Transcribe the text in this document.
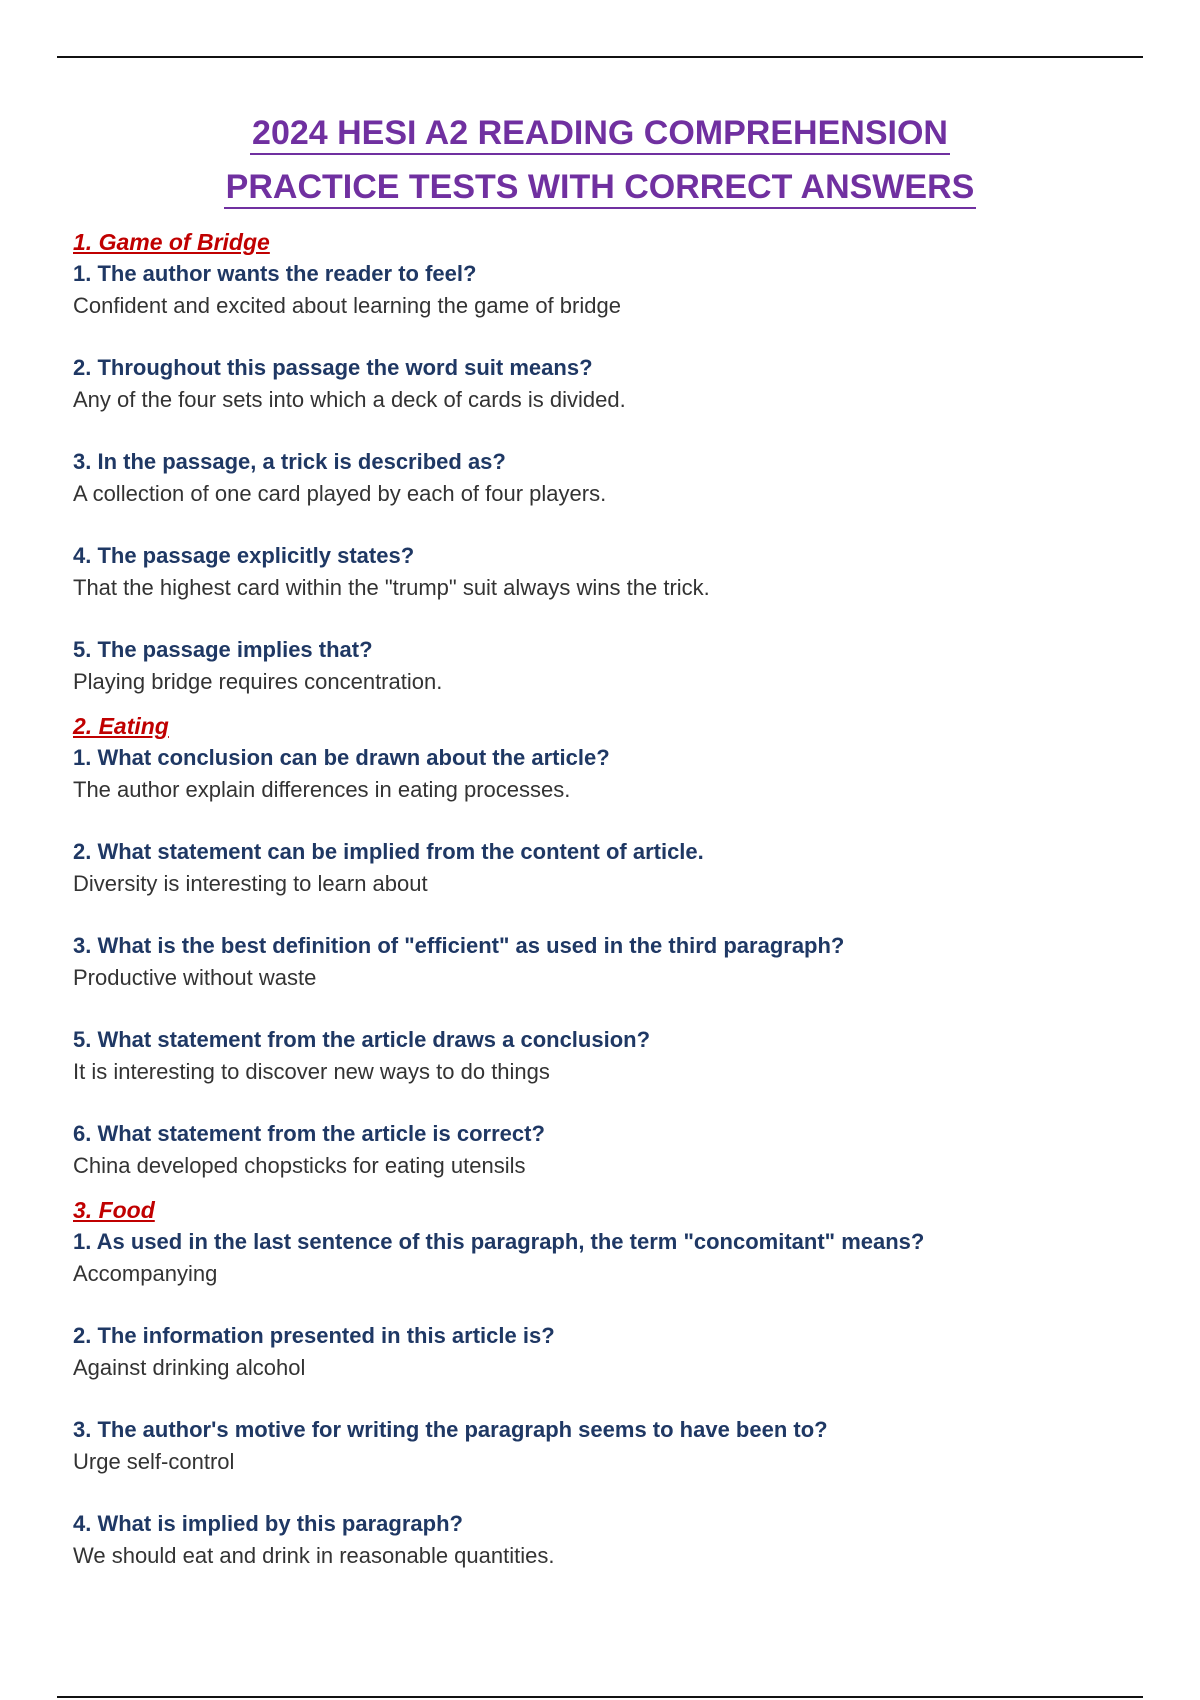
2024 HESI A2 READING COMPREHENSION
PRACTICE TESTS WITH CORRECT ANSWERS
1. Game of Bridge
1. The author wants the reader to feel?
Confident and excited about learning the game of bridge
2. Throughout this passage the word suit means?
Any of the four sets into which a deck of cards is divided.
3. In the passage, a trick is described as?
A collection of one card played by each of four players.
4. The passage explicitly states?
That the highest card within the "trump" suit always wins the trick.
5. The passage implies that?
Playing bridge requires concentration.
2. Eating
1. What conclusion can be drawn about the article?
The author explain differences in eating processes.
2. What statement can be implied from the content of article.
Diversity is interesting to learn about
3. What is the best definition of "efficient" as used in the third paragraph?
Productive without waste
5. What statement from the article draws a conclusion?
It is interesting to discover new ways to do things
6. What statement from the article is correct?
China developed chopsticks for eating utensils
3. Food
1. As used in the last sentence of this paragraph, the term "concomitant" means?
Accompanying
2. The information presented in this article is?
Against drinking alcohol
3. The author's motive for writing the paragraph seems to have been to?
Urge self-control
4. What is implied by this paragraph?
We should eat and drink in reasonable quantities.
